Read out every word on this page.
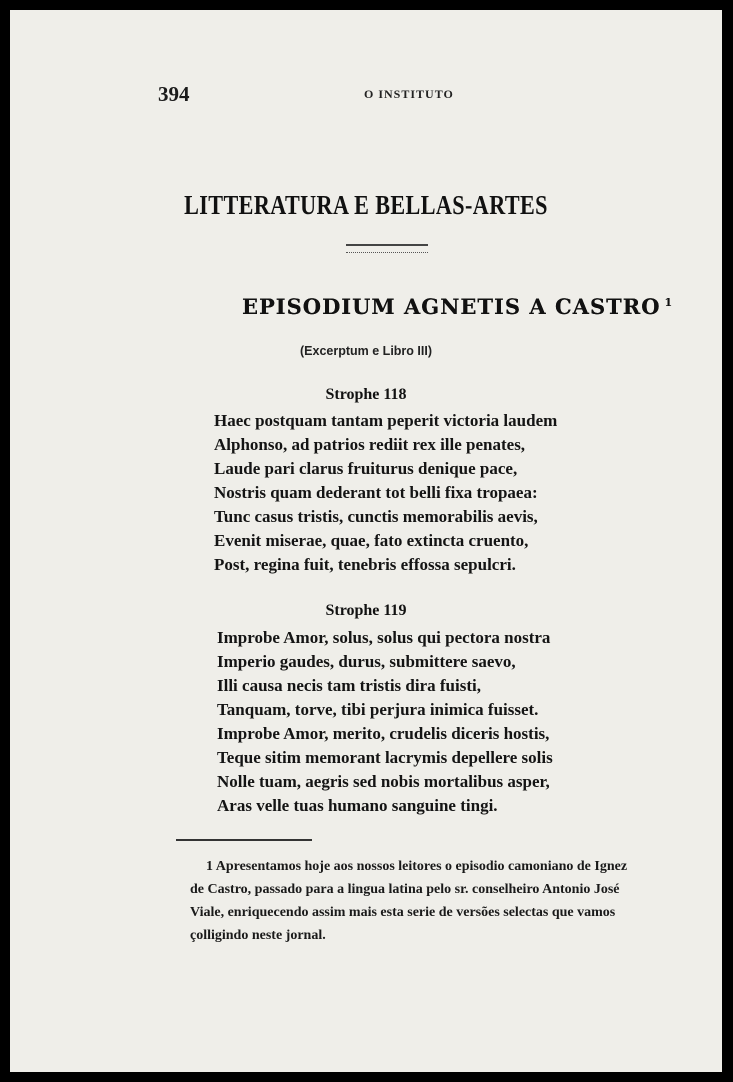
394	O INSTITUTO
LITTERATURA E BELLAS-ARTES
EPISODIUM AGNETIS A CASTRO $^1$
(Excerptum e Libro III)
Strophe 118
Haec postquam tantam peperit victoria laudem
Alphonso, ad patrios rediit rex ille penates,
Laude pari clarus fruiturus denique pace,
Nostris quam dederant tot belli fixa tropaea:
Tunc casus tristis, cunctis memorabilis aevis,
Evenit miserae, quae, fato extincta cruento,
Post, regina fuit, tenebris effossa sepulcri.
Strophe 119
Improbe Amor, solus, solus qui pectora nostra
Imperio gaudes, durus, submittere saevo,
Illi causa necis tam tristis dira fuisti,
Tanquam, torve, tibi perjura inimica fuisset.
Improbe Amor, merito, crudelis diceris hostis,
Teque sitim memorant lacrymis depellere solis
Nolle tuam, aegris sed nobis mortalibus asper,
Aras velle tuas humano sanguine tingi.
1 Apresentamos hoje aos nossos leitores o episodio camoniano de Ignez
de Castro, passado para a lingua latina pelo sr. conselheiro Antonio José
Viale, enriquecendo assim mais esta serie de versões selectas que vamos
çolligindo neste jornal.
